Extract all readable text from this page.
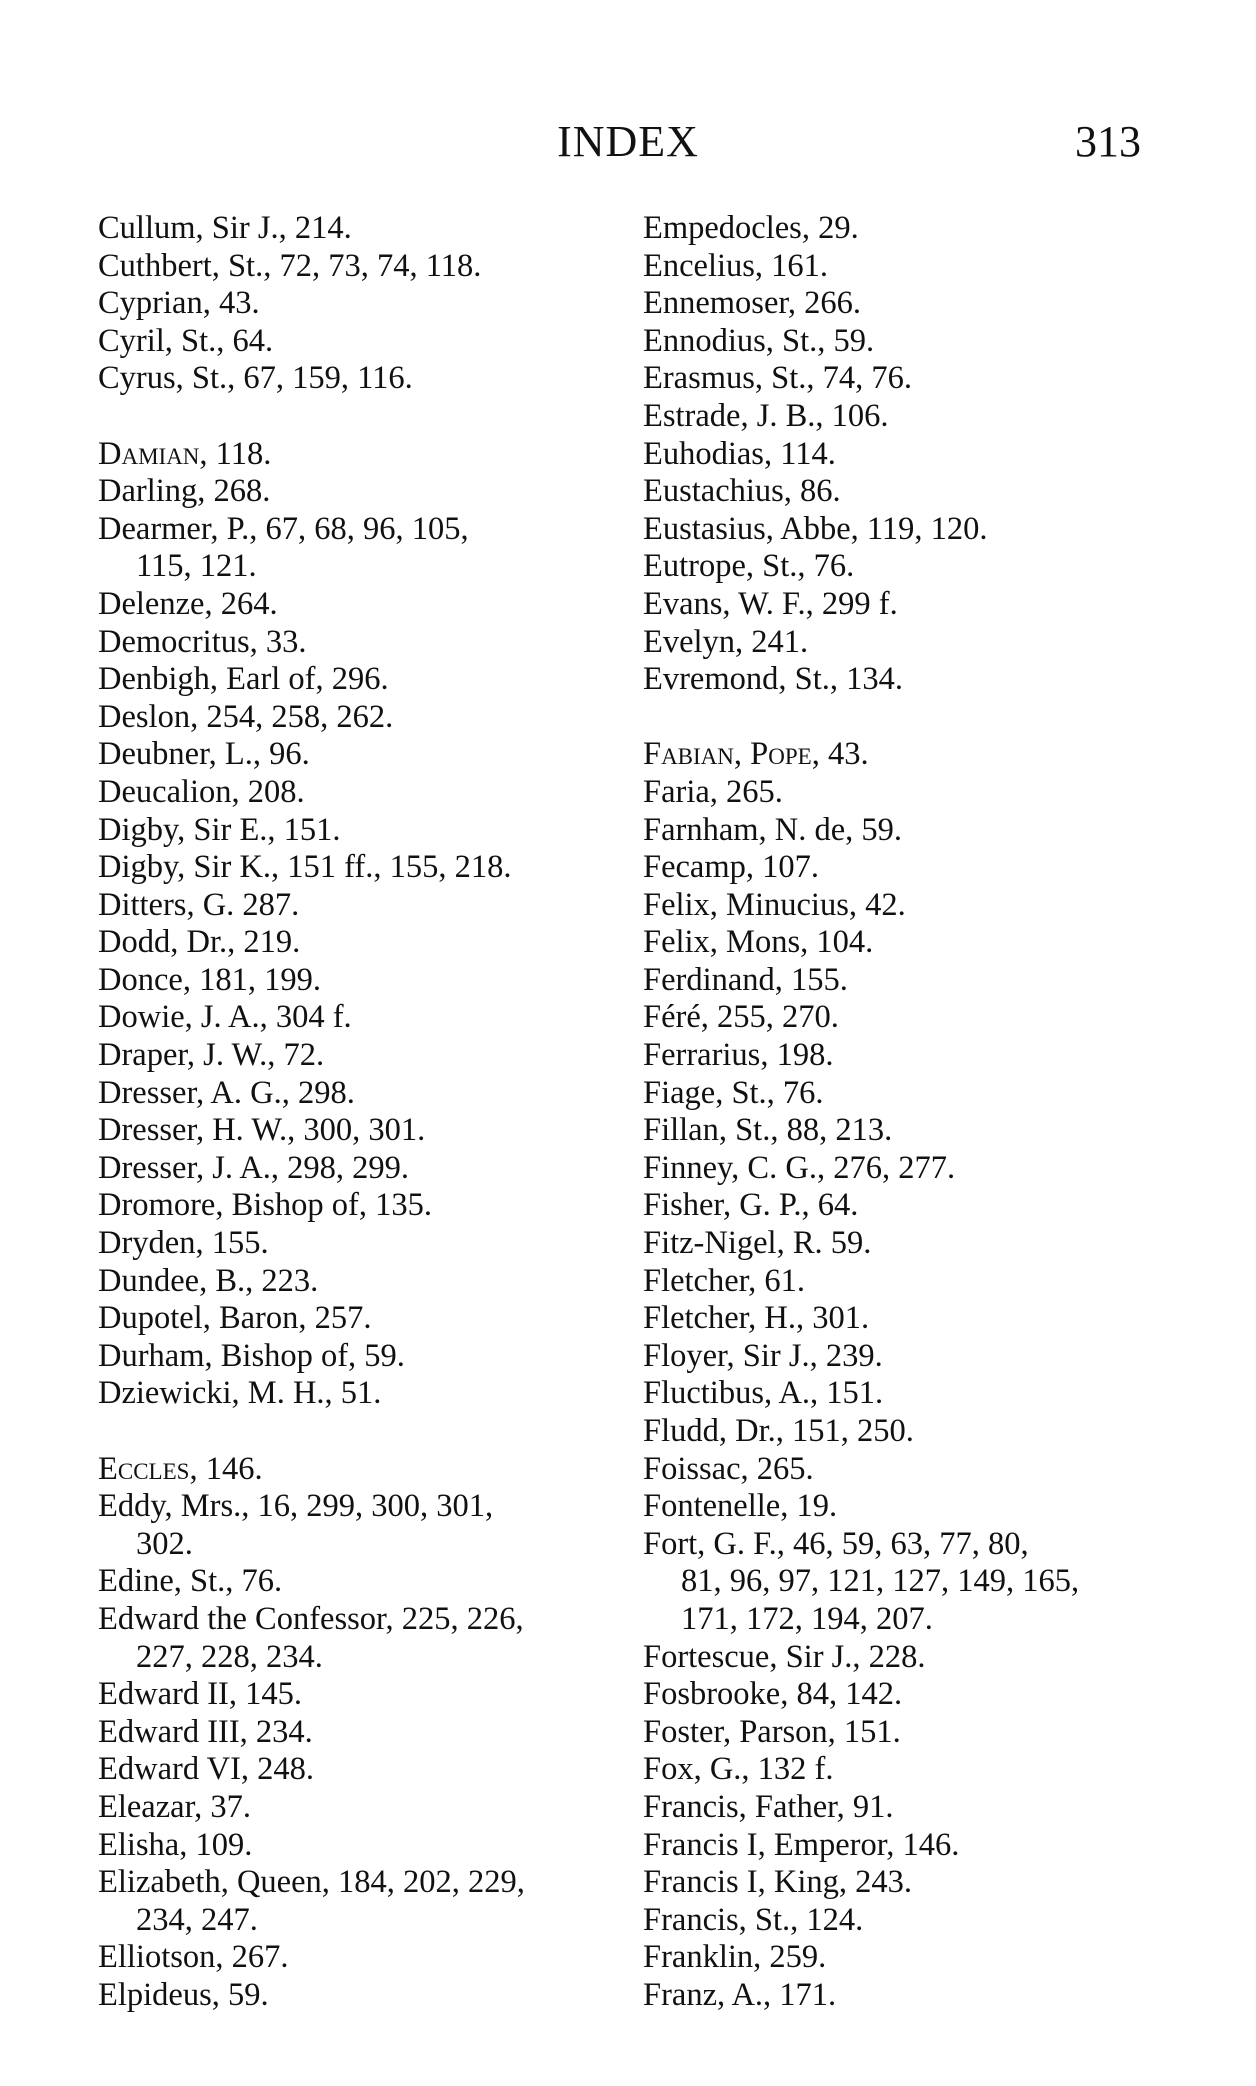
INDEX	313
Cullum, Sir J., 214.
Cuthbert, St., 72, 73, 74, 118.
Cyprian, 43.
Cyril, St., 64.
Cyrus, St., 67, 159, 116.
Damian, 118.
Darling, 268.
Dearmer, P., 67, 68, 96, 105,
115, 121.
Delenze, 264.
Democritus, 33.
Denbigh, Earl of, 296.
Deslon, 254, 258, 262.
Deubner, L., 96.
Deucalion, 208.
Digby, Sir E., 151.
Digby, Sir K., 151 ff., 155, 218.
Ditters, G. 287.
Dodd, Dr., 219.
Donce, 181, 199.
Dowie, J. A., 304 f.
Draper, J. W., 72.
Dresser, A. G., 298.
Dresser, H. W., 300, 301.
Dresser, J. A., 298, 299.
Dromore, Bishop of, 135.
Dryden, 155.
Dundee, B., 223.
Dupotel, Baron, 257.
Durham, Bishop of, 59.
Dziewicki, M. H., 51.
Eccles, 146.
Eddy, Mrs., 16, 299, 300, 301,
302.
Edine, St., 76.
Edward the Confessor, 225, 226,
227, 228, 234.
Edward II, 145.
Edward III, 234.
Edward VI, 248.
Eleazar, 37.
Elisha, 109.
Elizabeth, Queen, 184, 202, 229,
234, 247.
Elliotson, 267.
Elpideus, 59.
Empedocles, 29.
Encelius, 161.
Ennemoser, 266.
Ennodius, St., 59.
Erasmus, St., 74, 76.
Estrade, J. B., 106.
Euhodias, 114.
Eustachius, 86.
Eustasius, Abbe, 119, 120.
Eutrope, St., 76.
Evans, W. F., 299 f.
Evelyn, 241.
Evremond, St., 134.
Fabian, Pope, 43.
Faria, 265.
Farnham, N. de, 59.
Fecamp, 107.
Felix, Minucius, 42.
Felix, Mons, 104.
Ferdinand, 155.
Féré, 255, 270.
Ferrarius, 198.
Fiage, St., 76.
Fillan, St., 88, 213.
Finney, C. G., 276, 277.
Fisher, G. P., 64.
Fitz-Nigel, R. 59.
Fletcher, 61.
Fletcher, H., 301.
Floyer, Sir J., 239.
Fluctibus, A., 151.
Fludd, Dr., 151, 250.
Foissac, 265.
Fontenelle, 19.
Fort, G. F., 46, 59, 63, 77, 80,
81, 96, 97, 121, 127, 149, 165,
171, 172, 194, 207.
Fortescue, Sir J., 228.
Fosbrooke, 84, 142.
Foster, Parson, 151.
Fox, G., 132 f.
Francis, Father, 91.
Francis I, Emperor, 146.
Francis I, King, 243.
Francis, St., 124.
Franklin, 259.
Franz, A., 171.
